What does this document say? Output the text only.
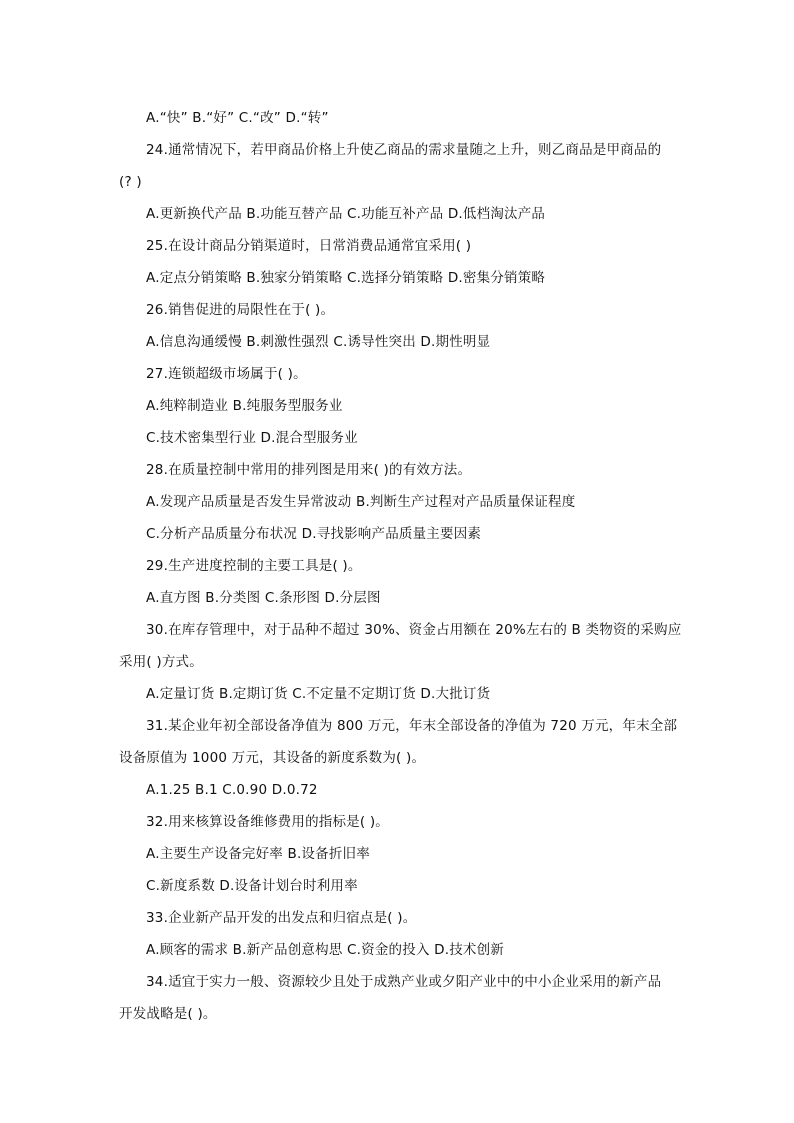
A.“快” B.“好” C.“改” D.“转”
24.通常情况下，若甲商品价格上升使乙商品的需求量随之上升，则乙商品是甲商品的
(? )
A.更新换代产品 B.功能互替产品 C.功能互补产品 D.低档淘汰产品
25.在设计商品分销渠道时，日常消费品通常宜采用( )
A.定点分销策略 B.独家分销策略 C.选择分销策略 D.密集分销策略
26.销售促进的局限性在于( )。
A.信息沟通缓慢 B.刺激性强烈 C.诱导性突出 D.期性明显
27.连锁超级市场属于( )。
A.纯粹制造业 B.纯服务型服务业
C.技术密集型行业 D.混合型服务业
28.在质量控制中常用的排列图是用来( )的有效方法。
A.发现产品质量是否发生异常波动 B.判断生产过程对产品质量保证程度
C.分析产品质量分布状况 D.寻找影响产品质量主要因素
29.生产进度控制的主要工具是( )。
A.直方图 B.分类图 C.条形图 D.分层图
30.在库存管理中，对于品种不超过 30%、资金占用额在 20%左右的 B 类物资的采购应
采用( )方式。
A.定量订货 B.定期订货 C.不定量不定期订货 D.大批订货
31.某企业年初全部设备净值为 800 万元，年末全部设备的净值为 720 万元，年末全部
设备原值为 1000 万元，其设备的新度系数为( )。
A.1.25 B.1 C.0.90 D.0.72
32.用来核算设备维修费用的指标是( )。
A.主要生产设备完好率 B.设备折旧率
C.新度系数 D.设备计划台时利用率
33.企业新产品开发的出发点和归宿点是( )。
A.顾客的需求 B.新产品创意构思 C.资金的投入 D.技术创新
34.适宜于实力一般、资源较少且处于成熟产业或夕阳产业中的中小企业采用的新产品
开发战略是( )。
